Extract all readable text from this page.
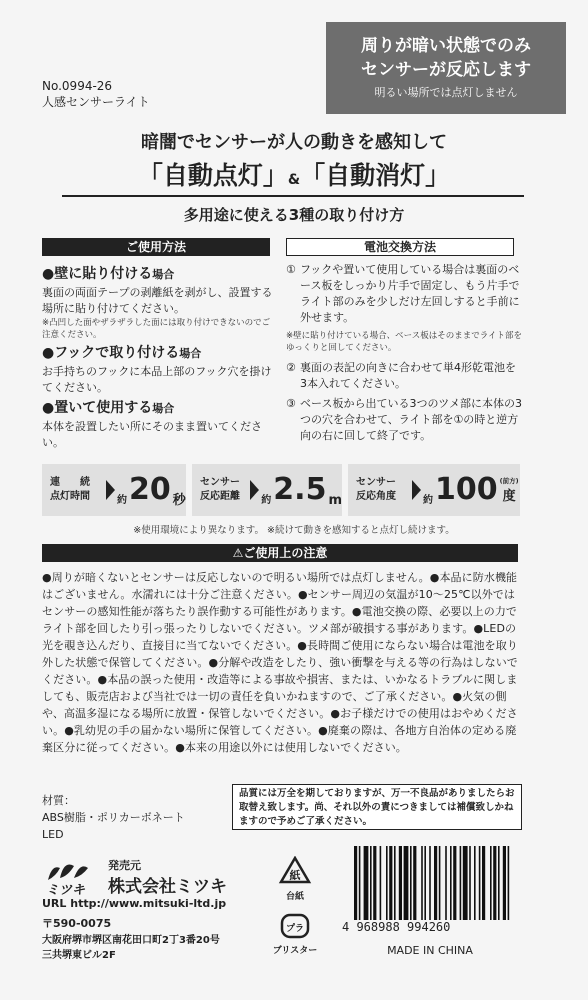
周りが暗い状態でのみ
センサーが反応します
明るい場所では点灯しません
No.0994-26
人感センサーライト
暗闇でセンサーが人の動きを感知して
「自動点灯」&「自動消灯」
多用途に使える3種の取り付け方
ご使用方法	電池交換方法
●壁に貼り付ける場合
裏面の両面テープの剥離紙を剥がし、設置する場所に貼り付けてください。
※凸凹した面やザラザラした面には取り付けできないのでご注意ください。
●フックで取り付ける場合
お手持ちのフックに本品上部のフック穴を掛けてください。
●置いて使用する場合
本体を設置したい所にそのまま置いてください。
① フックや置いて使用している場合は裏面のベース板をしっかり片手で固定し、もう片手でライト部のみを少しだけ左回しすると手前に外せます。
※壁に貼り付けている場合、ベース板はそのままでライト部をゆっくりと回してください。
② 裏面の表記の向きに合わせて単4形乾電池を3本入れてください。
③ ベース板から出ている3つのツメ部に本体の3つの穴を合わせて、ライト部を①の時と逆方向の右に回して終了です。
連　　続
点灯時間	約 20 秒
センサー
反応距離	約 2.5 m
センサー
反応角度	約 100 (前方)
度
※使用環境により異なります。 ※続けて動きを感知すると点灯し続けます。
⚠ご使用上の注意
●周りが暗くないとセンサーは反応しないので明るい場所では点灯しません。●本品に防水機能はございません。水濡れには十分ご注意ください。●センサー周辺の気温が10～25℃以外ではセンサーの感知性能が落ちたり誤作動する可能性があります。●電池交換の際、必要以上の力でライト部を回したり引っ張ったりしないでください。ツメ部が破損する事があります。●LEDの光を覗き込んだり、直接目に当てないでください。●長時間ご使用にならない場合は電池を取り外した状態で保管してください。●分解や改造をしたり、強い衝撃を与える等の行為はしないでください。●本品の誤った使用・改造等による事故や損害、または、いかなるトラブルに関しましても、販売店および当社では一切の責任を負いかねますので、ご了承ください。●火気の側や、高温多湿になる場所に放置・保管しないでください。●お子様だけでの使用はおやめください。●乳幼児の手の届かない場所に保管してください。●廃棄の際は、各地方自治体の定める廃棄区分に従ってください。●本来の用途以外には使用しないでください。
材質：
ABS樹脂・ポリカーボネート
LED
品質には万全を期しておりますが、万一不良品がありましたらお取替え致します。尚、それ以外の責につきましては補償致しかねますので予めご了承ください。
ミツキ
発売元
株式会社ミツキ
URL http://www.mitsuki-ltd.jp
〒590-0075
大阪府堺市堺区南花田口町2丁3番20号
三共堺東ビル2F
紙
台紙
プラ
ブリスター
4 968988 994260
MADE IN CHINA
